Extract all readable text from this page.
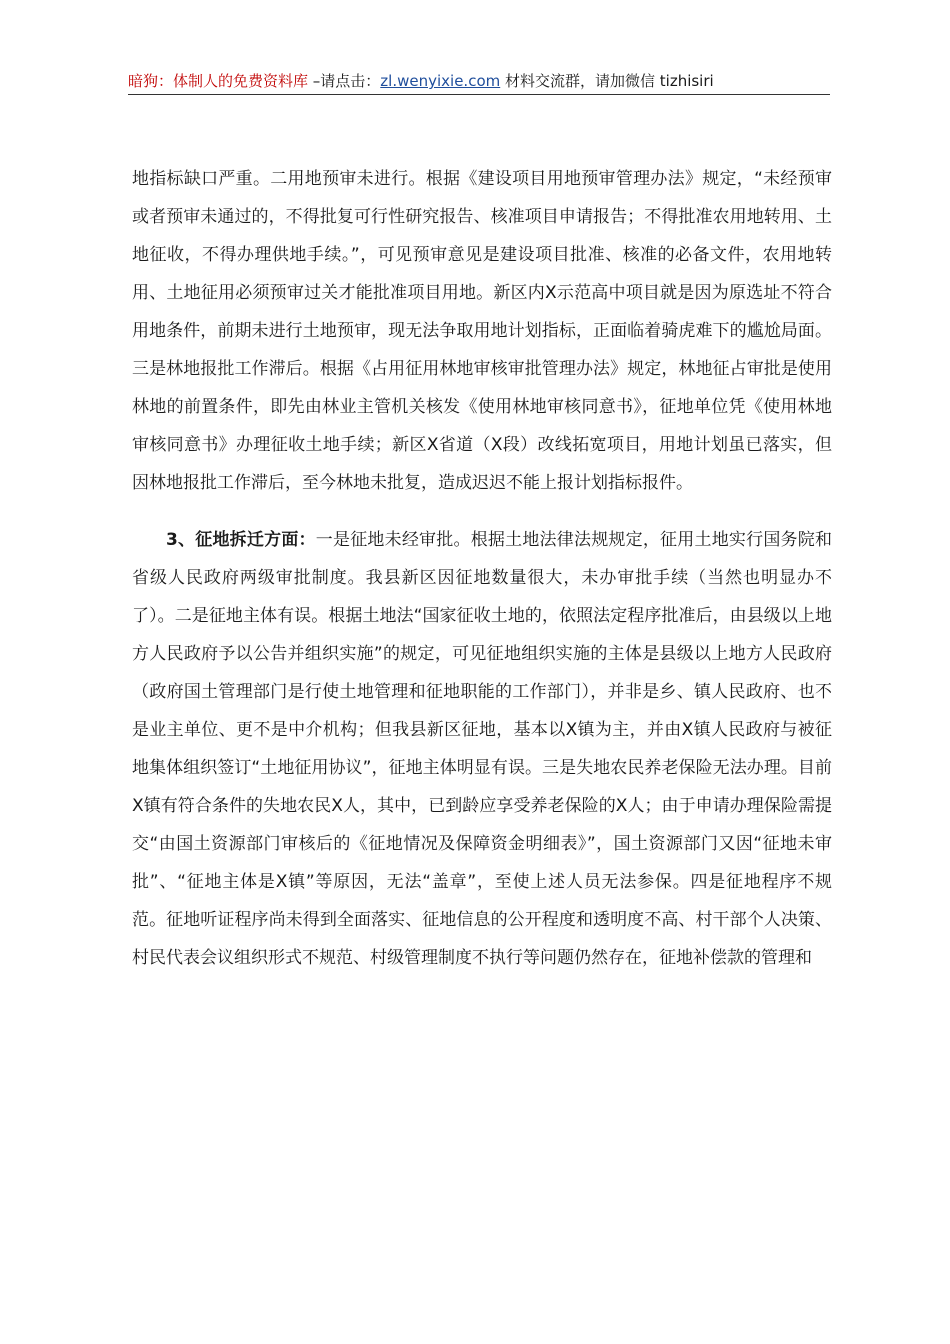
暗狗：体制人的免费资料库 –请点击：zl.wenyixie.com 材料交流群，请加微信 tizhisiri

地指标缺口严重。二用地预审未进行。根据《建设项目用地预审管理办法》规定，“未经预审或者预审未通过的，不得批复可行性研究报告、核准项目申请报告；不得批准农用地转用、土地征收，不得办理供地手续。”，可见预审意见是建设项目批准、核准的必备文件，农用地转用、土地征用必须预审过关才能批准项目用地。新区内X示范高中项目就是因为原选址不符合用地条件，前期未进行土地预审，现无法争取用地计划指标，正面临着骑虎难下的尴尬局面。三是林地报批工作滞后。根据《占用征用林地审核审批管理办法》规定，林地征占审批是使用林地的前置条件，即先由林业主管机关核发《使用林地审核同意书》，征地单位凭《使用林地审核同意书》办理征收土地手续；新区X省道（X段）改线拓宽项目，用地计划虽已落实，但因林地报批工作滞后，至今林地未批复，造成迟迟不能上报计划指标报件。

3、征地拆迁方面：一是征地未经审批。根据土地法律法规规定，征用土地实行国务院和省级人民政府两级审批制度。我县新区因征地数量很大，未办审批手续（当然也明显办不了）。二是征地主体有误。根据土地法“国家征收土地的，依照法定程序批准后，由县级以上地方人民政府予以公告并组织实施”的规定，可见征地组织实施的主体是县级以上地方人民政府（政府国土管理部门是行使土地管理和征地职能的工作部门），并非是乡、镇人民政府、也不是业主单位、更不是中介机构；但我县新区征地，基本以X镇为主，并由X镇人民政府与被征地集体组织签订“土地征用协议”，征地主体明显有误。三是失地农民养老保险无法办理。目前X镇有符合条件的失地农民X人，其中，已到龄应享受养老保险的X人；由于申请办理保险需提交“由国土资源部门审核后的《征地情况及保障资金明细表》”，国土资源部门又因“征地未审批”、“征地主体是X镇”等原因，无法“盖章”，至使上述人员无法参保。四是征地程序不规范。征地听证程序尚未得到全面落实、征地信息的公开程度和透明度不高、村干部个人决策、村民代表会议组织形式不规范、村级管理制度不执行等问题仍然存在，征地补偿款的管理和
